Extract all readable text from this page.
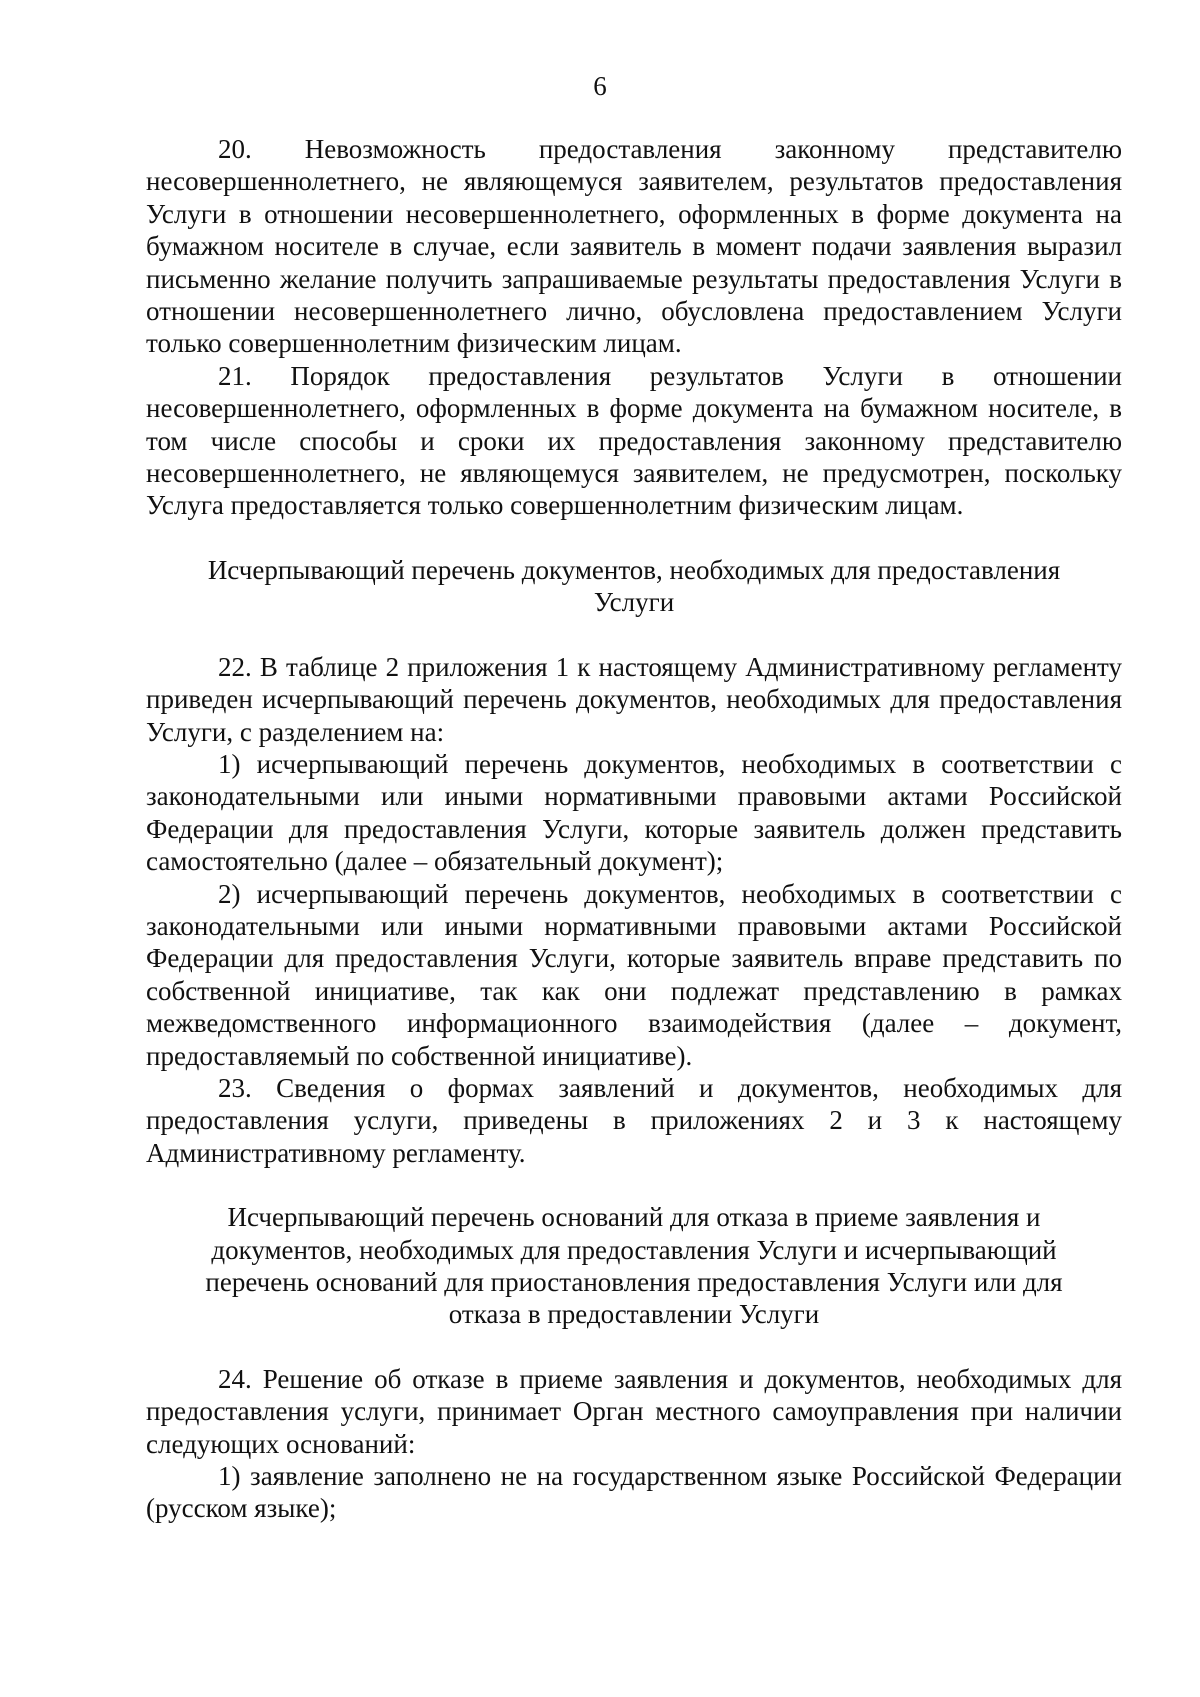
6

20. Невозможность предоставления законному представителю несовершеннолетнего, не являющемуся заявителем, результатов предоставления Услуги в отношении несовершеннолетнего, оформленных в форме документа на бумажном носителе в случае, если заявитель в момент подачи заявления выразил письменно желание получить запрашиваемые результаты предоставления Услуги в отношении несовершеннолетнего лично, обусловлена предоставлением Услуги только совершеннолетним физическим лицам.

21. Порядок предоставления результатов Услуги в отношении несовершеннолетнего, оформленных в форме документа на бумажном носителе, в том числе способы и сроки их предоставления законному представителю несовершеннолетнего, не являющемуся заявителем, не предусмотрен, поскольку Услуга предоставляется только совершеннолетним физическим лицам.

Исчерпывающий перечень документов, необходимых для предоставления Услуги

22. В таблице 2 приложения 1 к настоящему Административному регламенту приведен исчерпывающий перечень документов, необходимых для предоставления Услуги, с разделением на:

1) исчерпывающий перечень документов, необходимых в соответствии с законодательными или иными нормативными правовыми актами Российской Федерации для предоставления Услуги, которые заявитель должен представить самостоятельно (далее – обязательный документ);

2) исчерпывающий перечень документов, необходимых в соответствии с законодательными или иными нормативными правовыми актами Российской Федерации для предоставления Услуги, которые заявитель вправе представить по собственной инициативе, так как они подлежат представлению в рамках межведомственного информационного взаимодействия (далее – документ, предоставляемый по собственной инициативе).

23. Сведения о формах заявлений и документов, необходимых для предоставления услуги, приведены в приложениях 2 и 3 к настоящему Административному регламенту.

Исчерпывающий перечень оснований для отказа в приеме заявления и документов, необходимых для предоставления Услуги и исчерпывающий перечень оснований для приостановления предоставления Услуги или для отказа в предоставлении Услуги

24. Решение об отказе в приеме заявления и документов, необходимых для предоставления услуги, принимает Орган местного самоуправления при наличии следующих оснований:

1) заявление заполнено не на государственном языке Российской Федерации (русском языке);
